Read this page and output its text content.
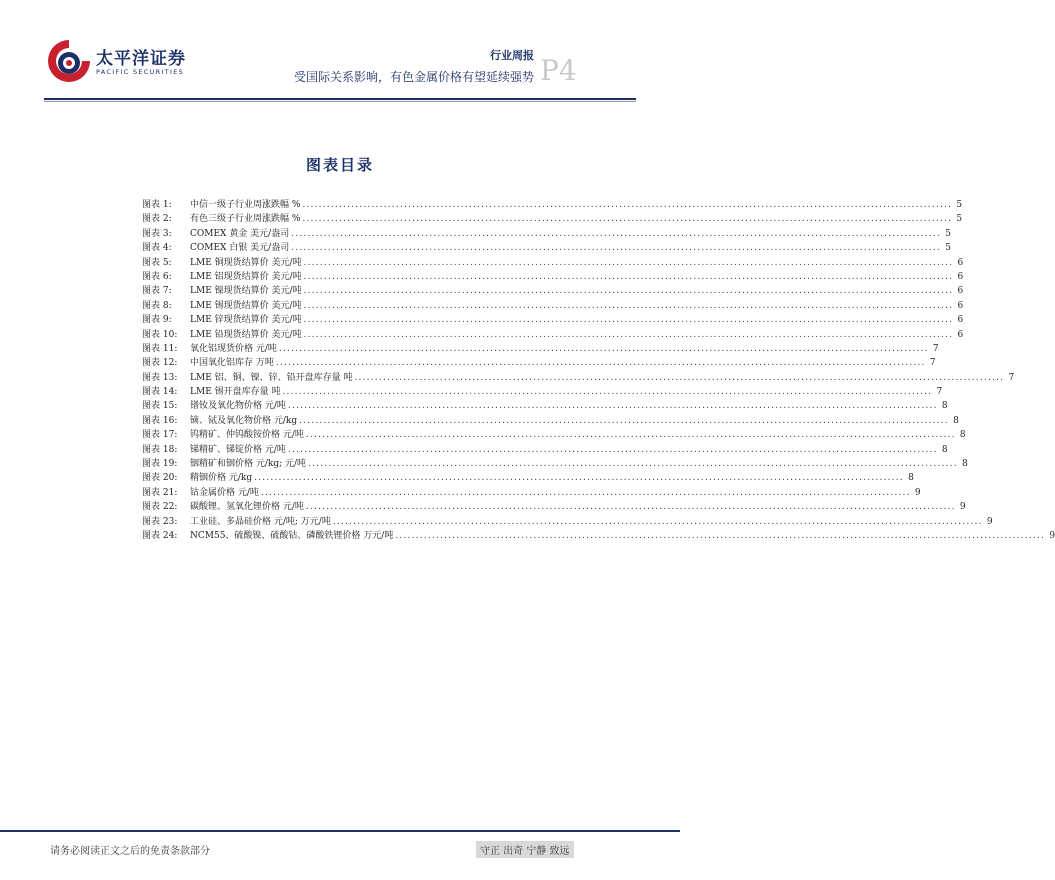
太平洋证券
PACIFIC SECURITIES
行业周报
受国际关系影响，有色金属价格有望延续强势 P4
图表目录
图表 1:	中信一级子行业周涨跌幅 % ................................................................................................................................................................ 5
图表 2:	有色三级子行业周涨跌幅 % ................................................................................................................................................................ 5
图表 3:	COMEX 黄金 美元/盎司 ................................................................................................................................................................ 5
图表 4:	COMEX 白银 美元/盎司 ................................................................................................................................................................ 5
图表 5:	LME 铜现货结算价 美元/吨 ................................................................................................................................................................ 6
图表 6:	LME 铝现货结算价 美元/吨 ................................................................................................................................................................ 6
图表 7:	LME 镍现货结算价 美元/吨 ................................................................................................................................................................ 6
图表 8:	LME 锡现货结算价 美元/吨 ................................................................................................................................................................ 6
图表 9:	LME 锌现货结算价 美元/吨 ................................................................................................................................................................ 6
图表 10:	LME 铅现货结算价 美元/吨 ................................................................................................................................................................ 6
图表 11:	氧化铝现货价格 元/吨 ................................................................................................................................................................ 7
图表 12:	中国氧化铝库存 万吨 ................................................................................................................................................................ 7
图表 13:	LME 铝、铜、镍、锌、铅开盘库存量 吨 ................................................................................................................................................................ 7
图表 14:	LME 锡开盘库存量 吨 ................................................................................................................................................................ 7
图表 15:	镨钕及氧化物价格 元/吨 ................................................................................................................................................................ 8
图表 16:	镝、铽及氧化物价格 元/kg ................................................................................................................................................................ 8
图表 17:	钨精矿、仲钨酸铵价格 元/吨 ................................................................................................................................................................ 8
图表 18:	锑精矿、锑锭价格 元/吨 ................................................................................................................................................................ 8
图表 19:	铟精矿和铟价格 元/kg; 元/吨 ................................................................................................................................................................ 8
图表 20:	精铟价格 元/kg ................................................................................................................................................................ 8
图表 21:	钴金属价格 元/吨 ................................................................................................................................................................ 9
图表 22:	碳酸锂、氢氧化锂价格 元/吨 ................................................................................................................................................................ 9
图表 23:	工业硅、多晶硅价格 元/吨; 万元/吨 ................................................................................................................................................................ 9
图表 24:	NCM55、硫酸镍、硫酸钴、磷酸铁锂价格 万元/吨 ................................................................................................................................................................ 9
请务必阅读正文之后的免责条款部分	守正 出奇 宁静 致远
